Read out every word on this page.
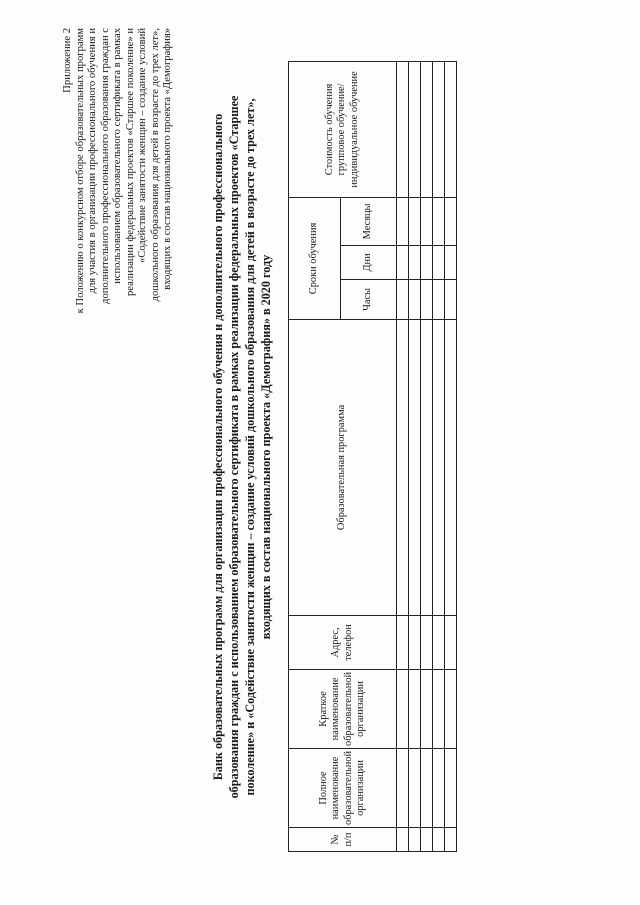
Приложение 2 к Положению о конкурсном отборе образовательных программ для участия в организации профессионального обучения и дополнительного профессионального образования граждан с использованием образовательного сертификата в рамках реализации федеральных проектов «Старшее поколение» и «Содействие занятости женщин – создание условий дошкольного образования для детей в возрасте до трех лет», входящих в состав национального проекта «Демография»	Банк образовательных программ для организации профессионального обучения и дополнительного профессионального образования граждан с использованием образовательного сертификата в рамках реализации федеральных проектов «Старшее поколение» и «Содействие занятости женщин – создание условий дошкольного образования для детей в возрасте до трех лет», входящих в состав национального проекта «Демография» в 2020 году
№ п/п	Полное наименование образовательной организации	Краткое наименование образовательной организации	Адрес, телефон	Образовательная программа	Сроки обучения			Стоимость обучения групповое обучение/индивидуальное обучение
					Часы	Дни	Месяцы	
